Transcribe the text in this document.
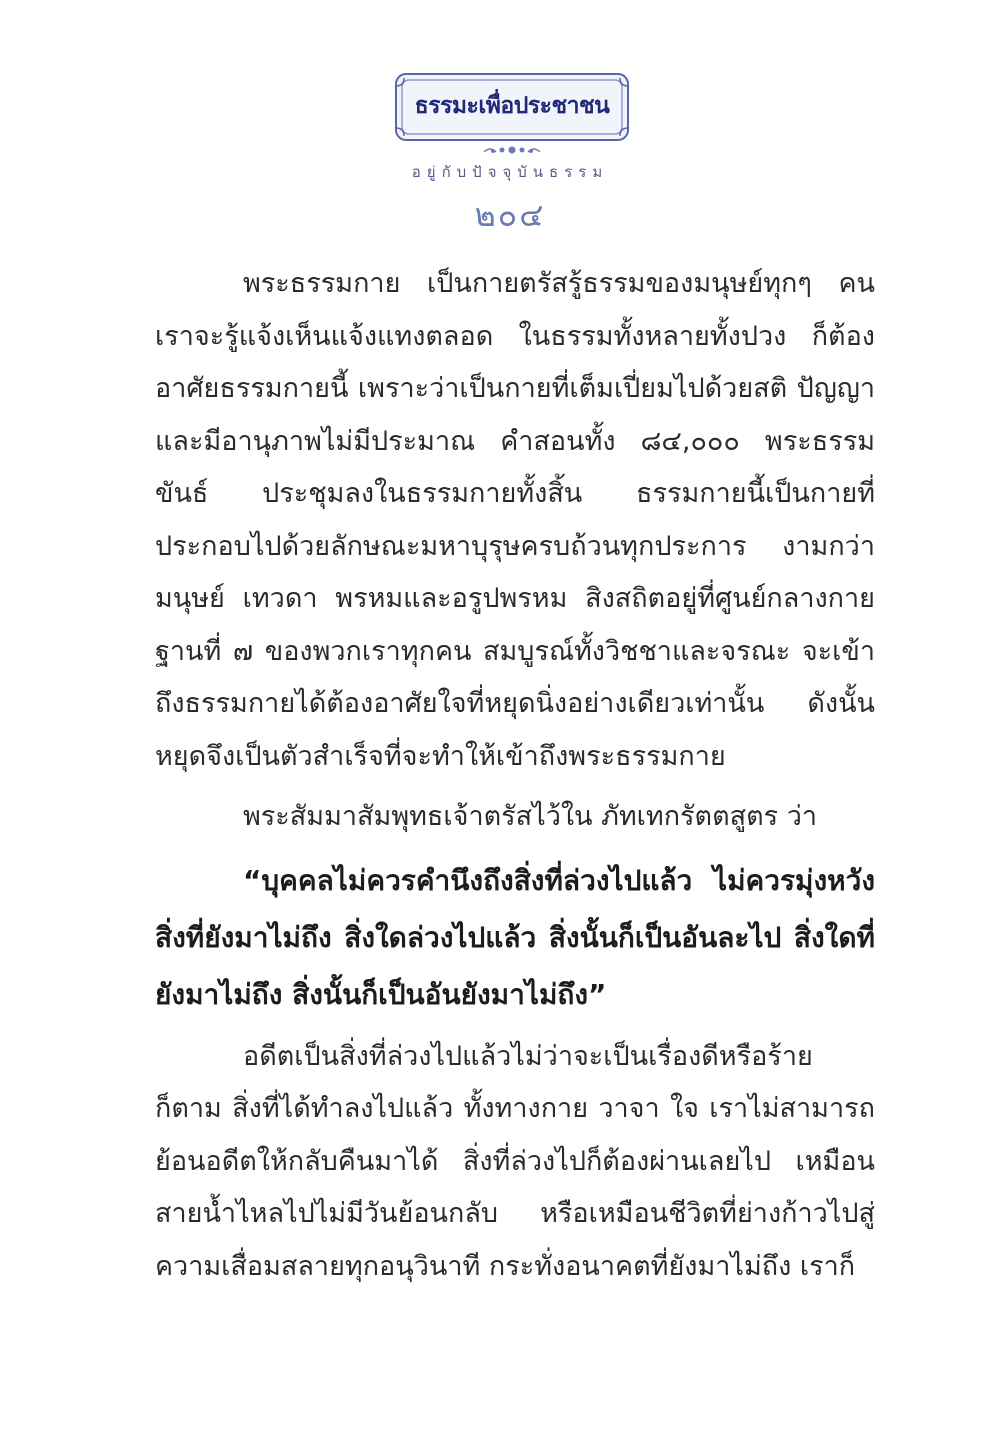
ธรรมะเพื่อประชาชน
อยู่กับปัจจุบันธรรม
๒๐๔

พระธรรมกาย เป็นกายตรัสรู้ธรรมของมนุษย์ทุกๆ คน เราจะรู้แจ้งเห็นแจ้งแทงตลอด ในธรรมทั้งหลายทั้งปวง ก็ต้องอาศัยธรรมกายนี้ เพราะว่าเป็นกายที่เต็มเปี่ยมไปด้วยสติ ปัญญา และมีอานุภาพไม่มีประมาณ คำสอนทั้ง ๘๔,๐๐๐ พระธรรมขันธ์ ประชุมลงในธรรมกายทั้งสิ้น ธรรมกายนี้เป็นกายที่ประกอบไปด้วยลักษณะมหาบุรุษครบถ้วนทุกประการ งามกว่ามนุษย์ เทวดา พรหมและอรูปพรหม สิงสถิตอยู่ที่ศูนย์กลางกายฐานที่ ๗ ของพวกเราทุกคน สมบูรณ์ทั้งวิชชาและจรณะ จะเข้าถึงธรรมกายได้ต้องอาศัยใจที่หยุดนิ่งอย่างเดียวเท่านั้น ดังนั้น หยุดจึงเป็นตัวสำเร็จที่จะทำให้เข้าถึงพระธรรมกาย

พระสัมมาสัมพุทธเจ้าตรัสไว้ใน ภัทเทกรัตตสูตร ว่า

“บุคคลไม่ควรคำนึงถึงสิ่งที่ล่วงไปแล้ว ไม่ควรมุ่งหวังสิ่งที่ยังมาไม่ถึง สิ่งใดล่วงไปแล้ว สิ่งนั้นก็เป็นอันละไป สิ่งใดที่ยังมาไม่ถึง สิ่งนั้นก็เป็นอันยังมาไม่ถึง”

อดีตเป็นสิ่งที่ล่วงไปแล้วไม่ว่าจะเป็นเรื่องดีหรือร้ายก็ตาม สิ่งที่ได้ทำลงไปแล้ว ทั้งทางกาย วาจา ใจ เราไม่สามารถย้อนอดีตให้กลับคืนมาได้ สิ่งที่ล่วงไปก็ต้องผ่านเลยไป เหมือนสายน้ำไหลไปไม่มีวันย้อนกลับ หรือเหมือนชีวิตที่ย่างก้าวไปสู่ความเสื่อมสลายทุกอนุวินาที กระทั่งอนาคตที่ยังมาไม่ถึง เราก็
